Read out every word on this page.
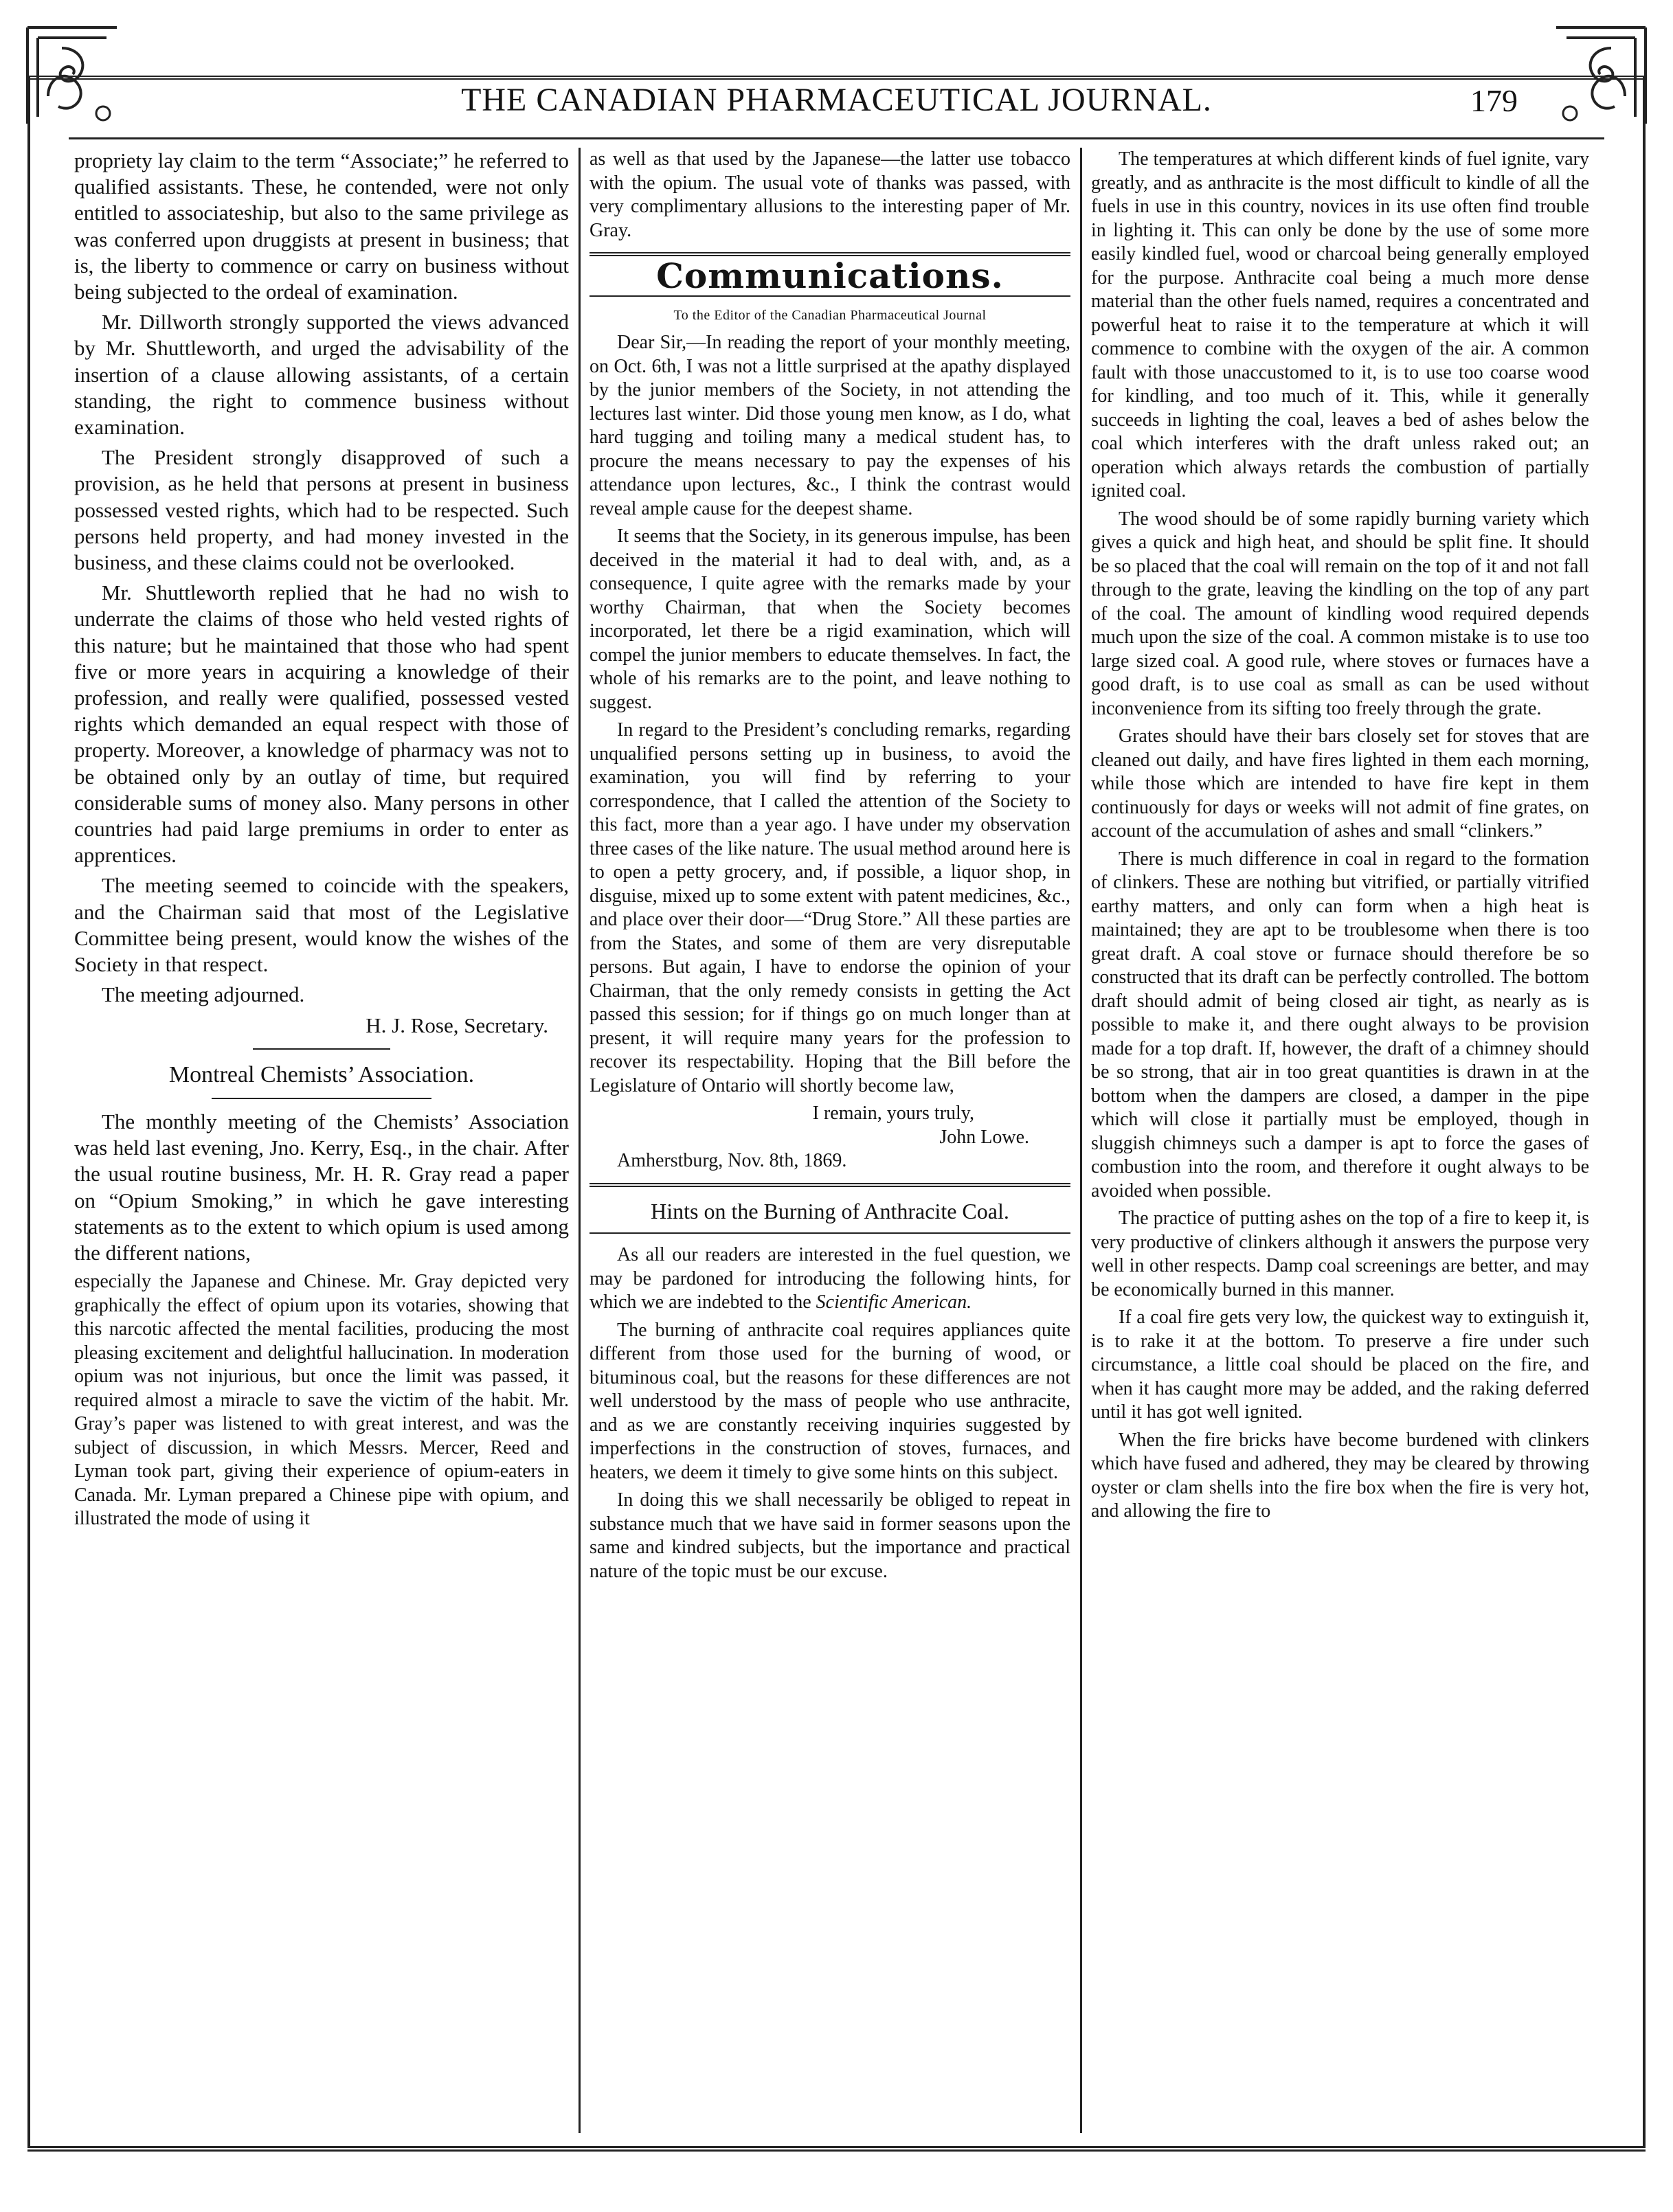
THE CANADIAN PHARMACEUTICAL JOURNAL.	179

propriety lay claim to the term “Associate;” he referred to qualified assistants. These, he contended, were not only entitled to associateship, but also to the same privilege as was conferred upon druggists at present in business; that is, the liberty to commence or carry on business without being subjected to the ordeal of examination.

Mr. Dillworth strongly supported the views advanced by Mr. Shuttleworth, and urged the advisability of the insertion of a clause allowing assistants, of a certain standing, the right to commence business without examination.

The President strongly disapproved of such a provision, as he held that persons at present in business possessed vested rights, which had to be respected. Such persons held property, and had money invested in the business, and these claims could not be overlooked.

Mr. Shuttleworth replied that he had no wish to underrate the claims of those who held vested rights of this nature; but he maintained that those who had spent five or more years in acquiring a knowledge of their profession, and really were qualified, possessed vested rights which demanded an equal respect with those of property. Moreover, a knowledge of pharmacy was not to be obtained only by an outlay of time, but required considerable sums of money also. Many persons in other countries had paid large premiums in order to enter as apprentices.

The meeting seemed to coincide with the speakers, and the Chairman said that most of the Legislative Committee being present, would know the wishes of the Society in that respect.

The meeting adjourned.

H. J. Rose, Secretary.

Montreal Chemists’ Association.

The monthly meeting of the Chemists’ Association was held last evening, Jno. Kerry, Esq., in the chair. After the usual routine business, Mr. H. R. Gray read a paper on “Opium Smoking,” in which he gave interesting statements as to the extent to which opium is used among the different nations,

especially the Japanese and Chinese. Mr. Gray depicted very graphically the effect of opium upon its votaries, showing that this narcotic affected the mental facilities, producing the most pleasing excitement and delightful hallucination. In moderation opium was not injurious, but once the limit was passed, it required almost a miracle to save the victim of the habit. Mr. Gray’s paper was listened to with great interest, and was the subject of discussion, in which Messrs. Mercer, Reed and Lyman took part, giving their experience of opium-eaters in Canada. Mr. Lyman prepared a Chinese pipe with opium, and illustrated the mode of using it

as well as that used by the Japanese—the latter use tobacco with the opium. The usual vote of thanks was passed, with very complimentary allusions to the interesting paper of Mr. Gray.

Communications.

To the Editor of the Canadian Pharmaceutical Journal

Dear Sir,—In reading the report of your monthly meeting, on Oct. 6th, I was not a little surprised at the apathy displayed by the junior members of the Society, in not attending the lectures last winter. Did those young men know, as I do, what hard tugging and toiling many a medical student has, to procure the means necessary to pay the expenses of his attendance upon lectures, &c., I think the contrast would reveal ample cause for the deepest shame.

It seems that the Society, in its generous impulse, has been deceived in the material it had to deal with, and, as a consequence, I quite agree with the remarks made by your worthy Chairman, that when the Society becomes incorporated, let there be a rigid examination, which will compel the junior members to educate themselves. In fact, the whole of his remarks are to the point, and leave nothing to suggest.

In regard to the President’s concluding remarks, regarding unqualified persons setting up in business, to avoid the examination, you will find by referring to your correspondence, that I called the attention of the Society to this fact, more than a year ago. I have under my observation three cases of the like nature. The usual method around here is to open a petty grocery, and, if possible, a liquor shop, in disguise, mixed up to some extent with patent medicines, &c., and place over their door—“Drug Store.” All these parties are from the States, and some of them are very disreputable persons. But again, I have to endorse the opinion of your Chairman, that the only remedy consists in getting the Act passed this session; for if things go on much longer than at present, it will require many years for the profession to recover its respectability. Hoping that the Bill before the Legislature of Ontario will shortly become law,

I remain, yours truly,

John Lowe.

Amherstburg, Nov. 8th, 1869.

Hints on the Burning of Anthracite Coal.

As all our readers are interested in the fuel question, we may be pardoned for introducing the following hints, for which we are indebted to the Scientific American.

The burning of anthracite coal requires appliances quite different from those used for the burning of wood, or bituminous coal, but the reasons for these differences are not well understood by the mass of people who use anthracite, and as we are constantly receiving inquiries suggested by imperfections in the construction of stoves, furnaces, and heaters, we deem it timely to give some hints on this subject.

In doing this we shall necessarily be obliged to repeat in substance much that we have said in former seasons upon the same and kindred subjects, but the importance and practical nature of the topic must be our excuse.

The temperatures at which different kinds of fuel ignite, vary greatly, and as anthracite is the most difficult to kindle of all the fuels in use in this country, novices in its use often find trouble in lighting it. This can only be done by the use of some more easily kindled fuel, wood or charcoal being generally employed for the purpose. Anthracite coal being a much more dense material than the other fuels named, requires a concentrated and powerful heat to raise it to the temperature at which it will commence to combine with the oxygen of the air. A common fault with those unaccustomed to it, is to use too coarse wood for kindling, and too much of it. This, while it generally succeeds in lighting the coal, leaves a bed of ashes below the coal which interferes with the draft unless raked out; an operation which always retards the combustion of partially ignited coal.

The wood should be of some rapidly burning variety which gives a quick and high heat, and should be split fine. It should be so placed that the coal will remain on the top of it and not fall through to the grate, leaving the kindling on the top of any part of the coal. The amount of kindling wood required depends much upon the size of the coal. A common mistake is to use too large sized coal. A good rule, where stoves or furnaces have a good draft, is to use coal as small as can be used without inconvenience from its sifting too freely through the grate.

Grates should have their bars closely set for stoves that are cleaned out daily, and have fires lighted in them each morning, while those which are intended to have fire kept in them continuously for days or weeks will not admit of fine grates, on account of the accumulation of ashes and small “clinkers.”

There is much difference in coal in regard to the formation of clinkers. These are nothing but vitrified, or partially vitrified earthy matters, and only can form when a high heat is maintained; they are apt to be troublesome when there is too great draft. A coal stove or furnace should therefore be so constructed that its draft can be perfectly controlled. The bottom draft should admit of being closed air tight, as nearly as is possible to make it, and there ought always to be provision made for a top draft. If, however, the draft of a chimney should be so strong, that air in too great quantities is drawn in at the bottom when the dampers are closed, a damper in the pipe which will close it partially must be employed, though in sluggish chimneys such a damper is apt to force the gases of combustion into the room, and therefore it ought always to be avoided when possible.

The practice of putting ashes on the top of a fire to keep it, is very productive of clinkers although it answers the purpose very well in other respects. Damp coal screenings are better, and may be economically burned in this manner.

If a coal fire gets very low, the quickest way to extinguish it, is to rake it at the bottom. To preserve a fire under such circumstance, a little coal should be placed on the fire, and when it has caught more may be added, and the raking deferred until it has got well ignited.

When the fire bricks have become burdened with clinkers which have fused and adhered, they may be cleared by throwing oyster or clam shells into the fire box when the fire is very hot, and allowing the fire to
